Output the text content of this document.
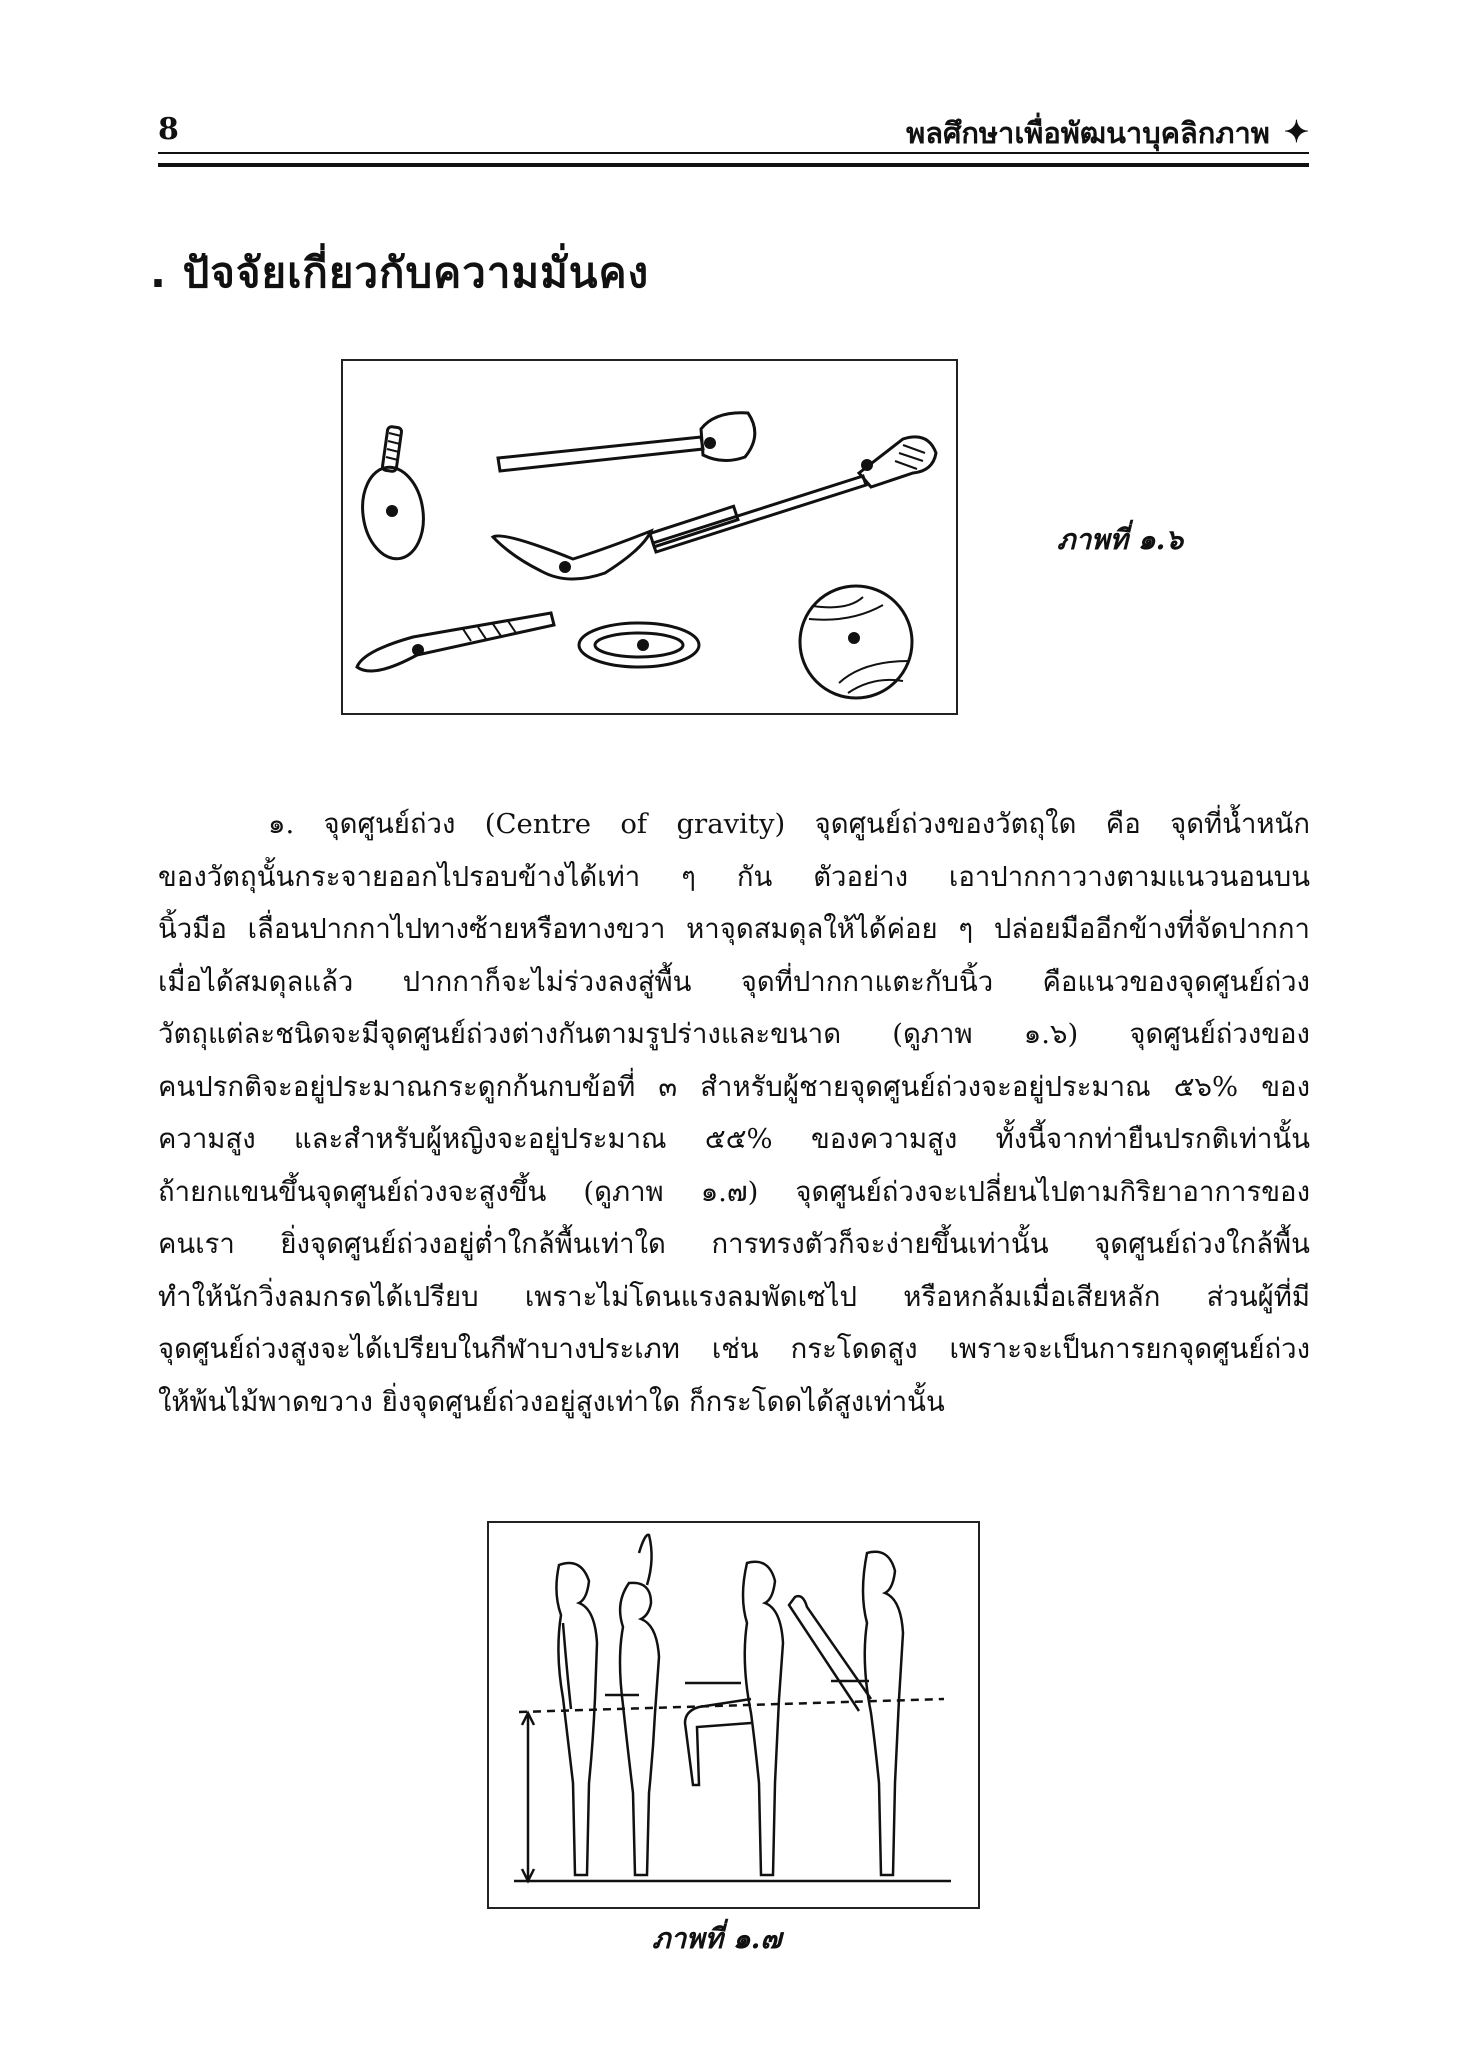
8	พลศึกษาเพื่อพัฒนาบุคลิกภาพ ✦
. ปัจจัยเกี่ยวกับความมั่นคง
ภาพที่ ๑.๖
๑. จุดศูนย์ถ่วง (Centre of gravity) จุดศูนย์ถ่วงของวัตถุใด คือ จุดที่น้ำหนัก
ของวัตถุนั้นกระจายออกไปรอบข้างได้เท่า ๆ กัน ตัวอย่าง เอาปากกาวางตามแนวนอนบน
นิ้วมือ เลื่อนปากกาไปทางซ้ายหรือทางขวา หาจุดสมดุลให้ได้ค่อย ๆ ปล่อยมืออีกข้างที่จัดปากกา
เมื่อได้สมดุลแล้ว ปากกาก็จะไม่ร่วงลงสู่พื้น จุดที่ปากกาแตะกับนิ้ว คือแนวของจุดศูนย์ถ่วง
วัตถุแต่ละชนิดจะมีจุดศูนย์ถ่วงต่างกันตามรูปร่างและขนาด (ดูภาพ ๑.๖) จุดศูนย์ถ่วงของ
คนปรกติจะอยู่ประมาณกระดูกก้นกบข้อที่ ๓ สำหรับผู้ชายจุดศูนย์ถ่วงจะอยู่ประมาณ ๕๖% ของ
ความสูง และสำหรับผู้หญิงจะอยู่ประมาณ ๕๕% ของความสูง ทั้งนี้จากท่ายืนปรกติเท่านั้น
ถ้ายกแขนขึ้นจุดศูนย์ถ่วงจะสูงขึ้น (ดูภาพ ๑.๗) จุดศูนย์ถ่วงจะเปลี่ยนไปตามกิริยาอาการของ
คนเรา ยิ่งจุดศูนย์ถ่วงอยู่ต่ำใกล้พื้นเท่าใด การทรงตัวก็จะง่ายขึ้นเท่านั้น จุดศูนย์ถ่วงใกล้พื้น
ทำให้นักวิ่งลมกรดได้เปรียบ เพราะไม่โดนแรงลมพัดเซไป หรือหกล้มเมื่อเสียหลัก ส่วนผู้ที่มี
จุดศูนย์ถ่วงสูงจะได้เปรียบในกีฬาบางประเภท เช่น กระโดดสูง เพราะจะเป็นการยกจุดศูนย์ถ่วง
ให้พ้นไม้พาดขวาง ยิ่งจุดศูนย์ถ่วงอยู่สูงเท่าใด ก็กระโดดได้สูงเท่านั้น
ภาพที่ ๑.๗
